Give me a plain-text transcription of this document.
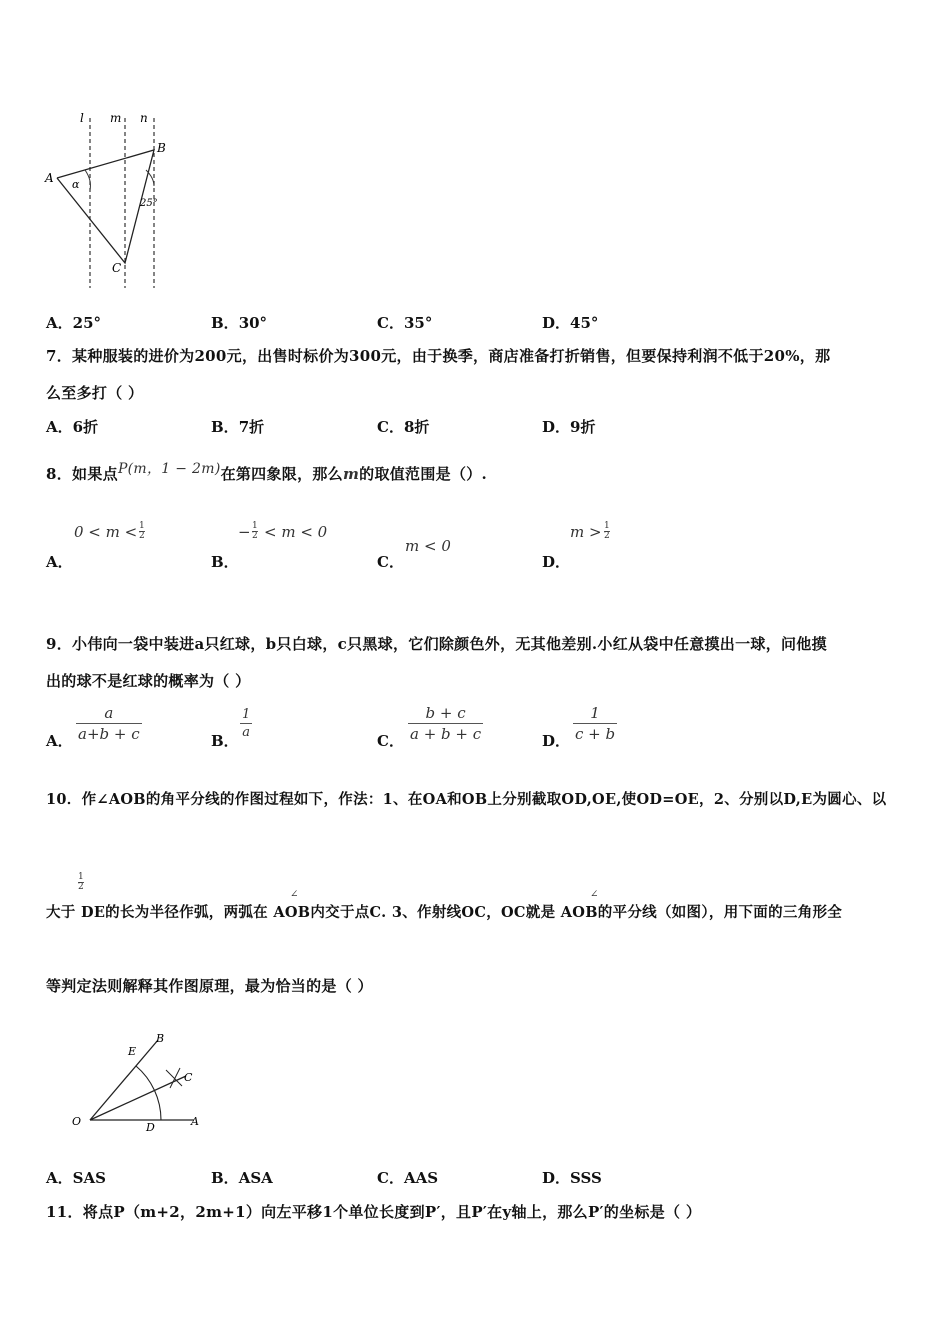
l m n
A
B
C
α
25°
A．25°	B．30°	C．35°	D．45°
7．某种服装的进价为200元，出售时标价为300元，由于换季，商店准备打折销售，但要保持利润不低于20%，那
么至多打（ ）
A．6折	B．7折	C．8折	D．9折
8．如果点P(m，1 − 2m)在第四象限，那么m的取值范围是（）.
A．
$0 < m < \frac{1}{2}$
B．
− $\frac{1}{2} < m < 0$
C．
m < 0
D．
$m > \frac{1}{2}$
9．小伟向一袋中装进a只红球，b只白球，c只黑球，它们除颜色外，无其他差别.小红从袋中任意摸出一球，问他摸
出的球不是红球的概率为（ ）
A． $\frac{a}{a+b + c}$	B．
$\frac{1}{a}$
C． $\frac{b + c}{a + b + c}$	D． $\frac{1}{c + b}$
10．作∠AOB的角平分线的作图过程如下，作法：1、在OA和OB上分别截取OD,OE,使OD=OE，2、分别以D,E为圆心、以
$\frac{1}{2}$
大于 DE的长为半径作弧，两弧在 AOB内交于点C. 3、作射线OC，OC就是 AOB的平分线（如图），用下面的三角形全
∠	∠
等判定法则解释其作图原理，最为恰当的是（ ）
O	A
B
C
D
E
A．SAS	B．ASA	C．AAS	D．SSS
11．将点P（m+2，2m+1）向左平移1个单位长度到P′，且P′在y轴上，那么P′的坐标是（ ）
